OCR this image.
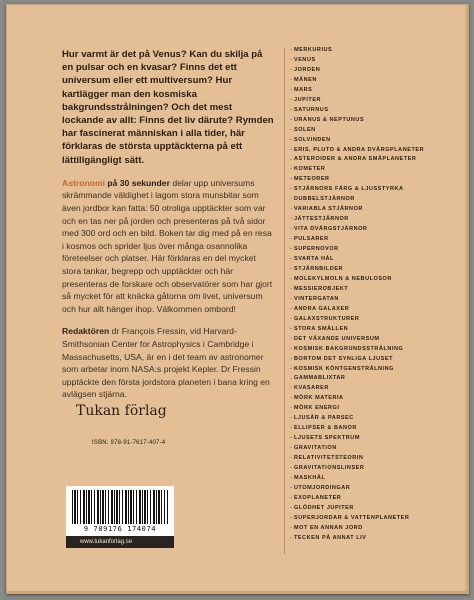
Hur varmt är det på Venus? Kan du skilja på en pulsar och en kvasar? Finns det ett universum eller ett multiversum? Hur kartlägger man den kosmiska bakgrundsstrålningen? Och det mest lockande av allt: Finns det liv därute? Rymden har fascinerat människan i alla tider, här förklaras de största upptäckterna på ett lättillgängligt sätt.

Astronomi på 30 sekunder delar upp universums skrämmande väldighet i lagom stora munsbitar som även jordbor kan fatta: 50 otroliga upptäckter som var och en tas ner på jorden och presenteras på två sidor med 300 ord och en bild. Boken tar dig med på en resa i kosmos och sprider ljus över många osannolika företeelser och platser. Här förklaras en del mycket stora tankar, begrepp och upptäckter och här presenteras de forskare och observatörer som har gjort så mycket för att knäcka gåtorna om livet, universum och hur allt hänger ihop. Välkommen ombord!

Redaktören dr François Fressin, vid Harvard-Smithsonian Center for Astrophysics i Cambridge i Massachusetts, USA, är en i det team av astronomer som arbetar inom NASA:s projekt Kepler. Dr Fressin upptäckte den första jordstora planeten i bana kring en avlägsen stjärna.

Tukan förlag
ISBN: 978-91-7617-407-4
9 789176 174074
www.tukanforlag.se
MERKURIUS
VENUS
JORDEN
MÅNEN
MARS
JUPITER
SATURNUS
URANUS & NEPTUNUS
SOLEN
SOLVINDEN
ERIS, PLUTO & ANDRA DVÄRGPLANETER
ASTEROIDER & ANDRA SMÅPLANETER
KOMETER
METEORER
STJÄRNORS FÄRG & LJUSSTYRKA
DUBBELSTJÄRNOR
VARIABLA STJÄRNOR
JÄTTESTJÄRNOR
VITA DVÄRGSTJÄRNOR
PULSARER
SUPERNOVOR
SVARTA HÅL
STJÄRNBILDER
MOLEKYLMOLN & NEBULOSOR
MESSIEROBJEKT
VINTERGATAN
ANDRA GALAXER
GALAXSTRUKTURER
STORA SMÄLLEN
DET VÄXANDE UNIVERSUM
KOSMISK BAKGRUNDSSTRÅLNING
BORTOM DET SYNLIGA LJUSET
KOSMISK KÖNTGENSTRÅLNING
GAMMABLIXTAR
KVASARER
MÖRK MATERIA
MÖRK ENERGI
LJUSÅR & PARSEC
ELLIPSER & BANOR
LJUSETS SPEKTRUM
GRAVITATION
RELATIVITETSTEORIN
GRAVITATIONSLINSER
MASKHÅL
UTOMJORDINGAR
EXOPLANETER
GLÖDHET JUPITER
SUPERJORDAR & VATTENPLANETER
MOT EN ANNAN JORD
TECKEN PÅ ANNAT LIV
